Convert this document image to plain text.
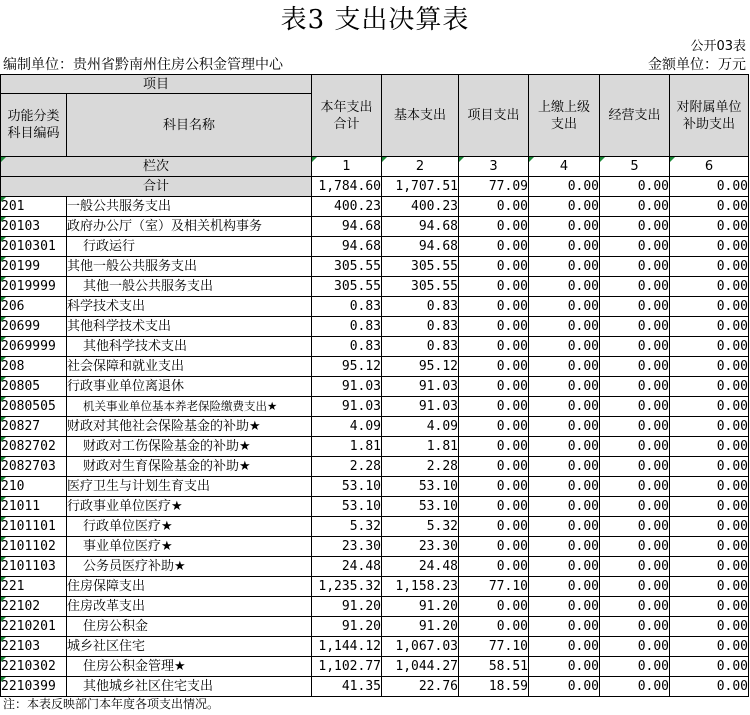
表3 支出决算表
公开03表
编制单位：贵州省黔南州住房公积金管理中心	金额单位：万元
项目		本年支出合计	基本支出	项目支出	上缴上级支出	经营支出	对附属单位补助支出
功能分类科目编码	科目名称						
栏次		1	2	3	4	5	6
合计		1,784.60	1,707.51	77.09	0.00	0.00	0.00
201	一般公共服务支出	400.23	400.23	0.00	0.00	0.00	0.00
20103	政府办公厅（室）及相关机构事务	94.68	94.68	0.00	0.00	0.00	0.00
2010301	行政运行	94.68	94.68	0.00	0.00	0.00	0.00
20199	其他一般公共服务支出	305.55	305.55	0.00	0.00	0.00	0.00
2019999	其他一般公共服务支出	305.55	305.55	0.00	0.00	0.00	0.00
206	科学技术支出	0.83	0.83	0.00	0.00	0.00	0.00
20699	其他科学技术支出	0.83	0.83	0.00	0.00	0.00	0.00
2069999	其他科学技术支出	0.83	0.83	0.00	0.00	0.00	0.00
208	社会保障和就业支出	95.12	95.12	0.00	0.00	0.00	0.00
20805	行政事业单位离退休	91.03	91.03	0.00	0.00	0.00	0.00
2080505	机关事业单位基本养老保险缴费支出★	91.03	91.03	0.00	0.00	0.00	0.00
20827	财政对其他社会保险基金的补助★	4.09	4.09	0.00	0.00	0.00	0.00
2082702	财政对工伤保险基金的补助★	1.81	1.81	0.00	0.00	0.00	0.00
2082703	财政对生育保险基金的补助★	2.28	2.28	0.00	0.00	0.00	0.00
210	医疗卫生与计划生育支出	53.10	53.10	0.00	0.00	0.00	0.00
21011	行政事业单位医疗★	53.10	53.10	0.00	0.00	0.00	0.00
2101101	行政单位医疗★	5.32	5.32	0.00	0.00	0.00	0.00
2101102	事业单位医疗★	23.30	23.30	0.00	0.00	0.00	0.00
2101103	公务员医疗补助★	24.48	24.48	0.00	0.00	0.00	0.00
221	住房保障支出	1,235.32	1,158.23	77.10	0.00	0.00	0.00
22102	住房改革支出	91.20	91.20	0.00	0.00	0.00	0.00
2210201	住房公积金	91.20	91.20	0.00	0.00	0.00	0.00
22103	城乡社区住宅	1,144.12	1,067.03	77.10	0.00	0.00	0.00
2210302	住房公积金管理★	1,102.77	1,044.27	58.51	0.00	0.00	0.00
2210399	其他城乡社区住宅支出	41.35	22.76	18.59	0.00	0.00	0.00
注：本表反映部门本年度各项支出情况。
